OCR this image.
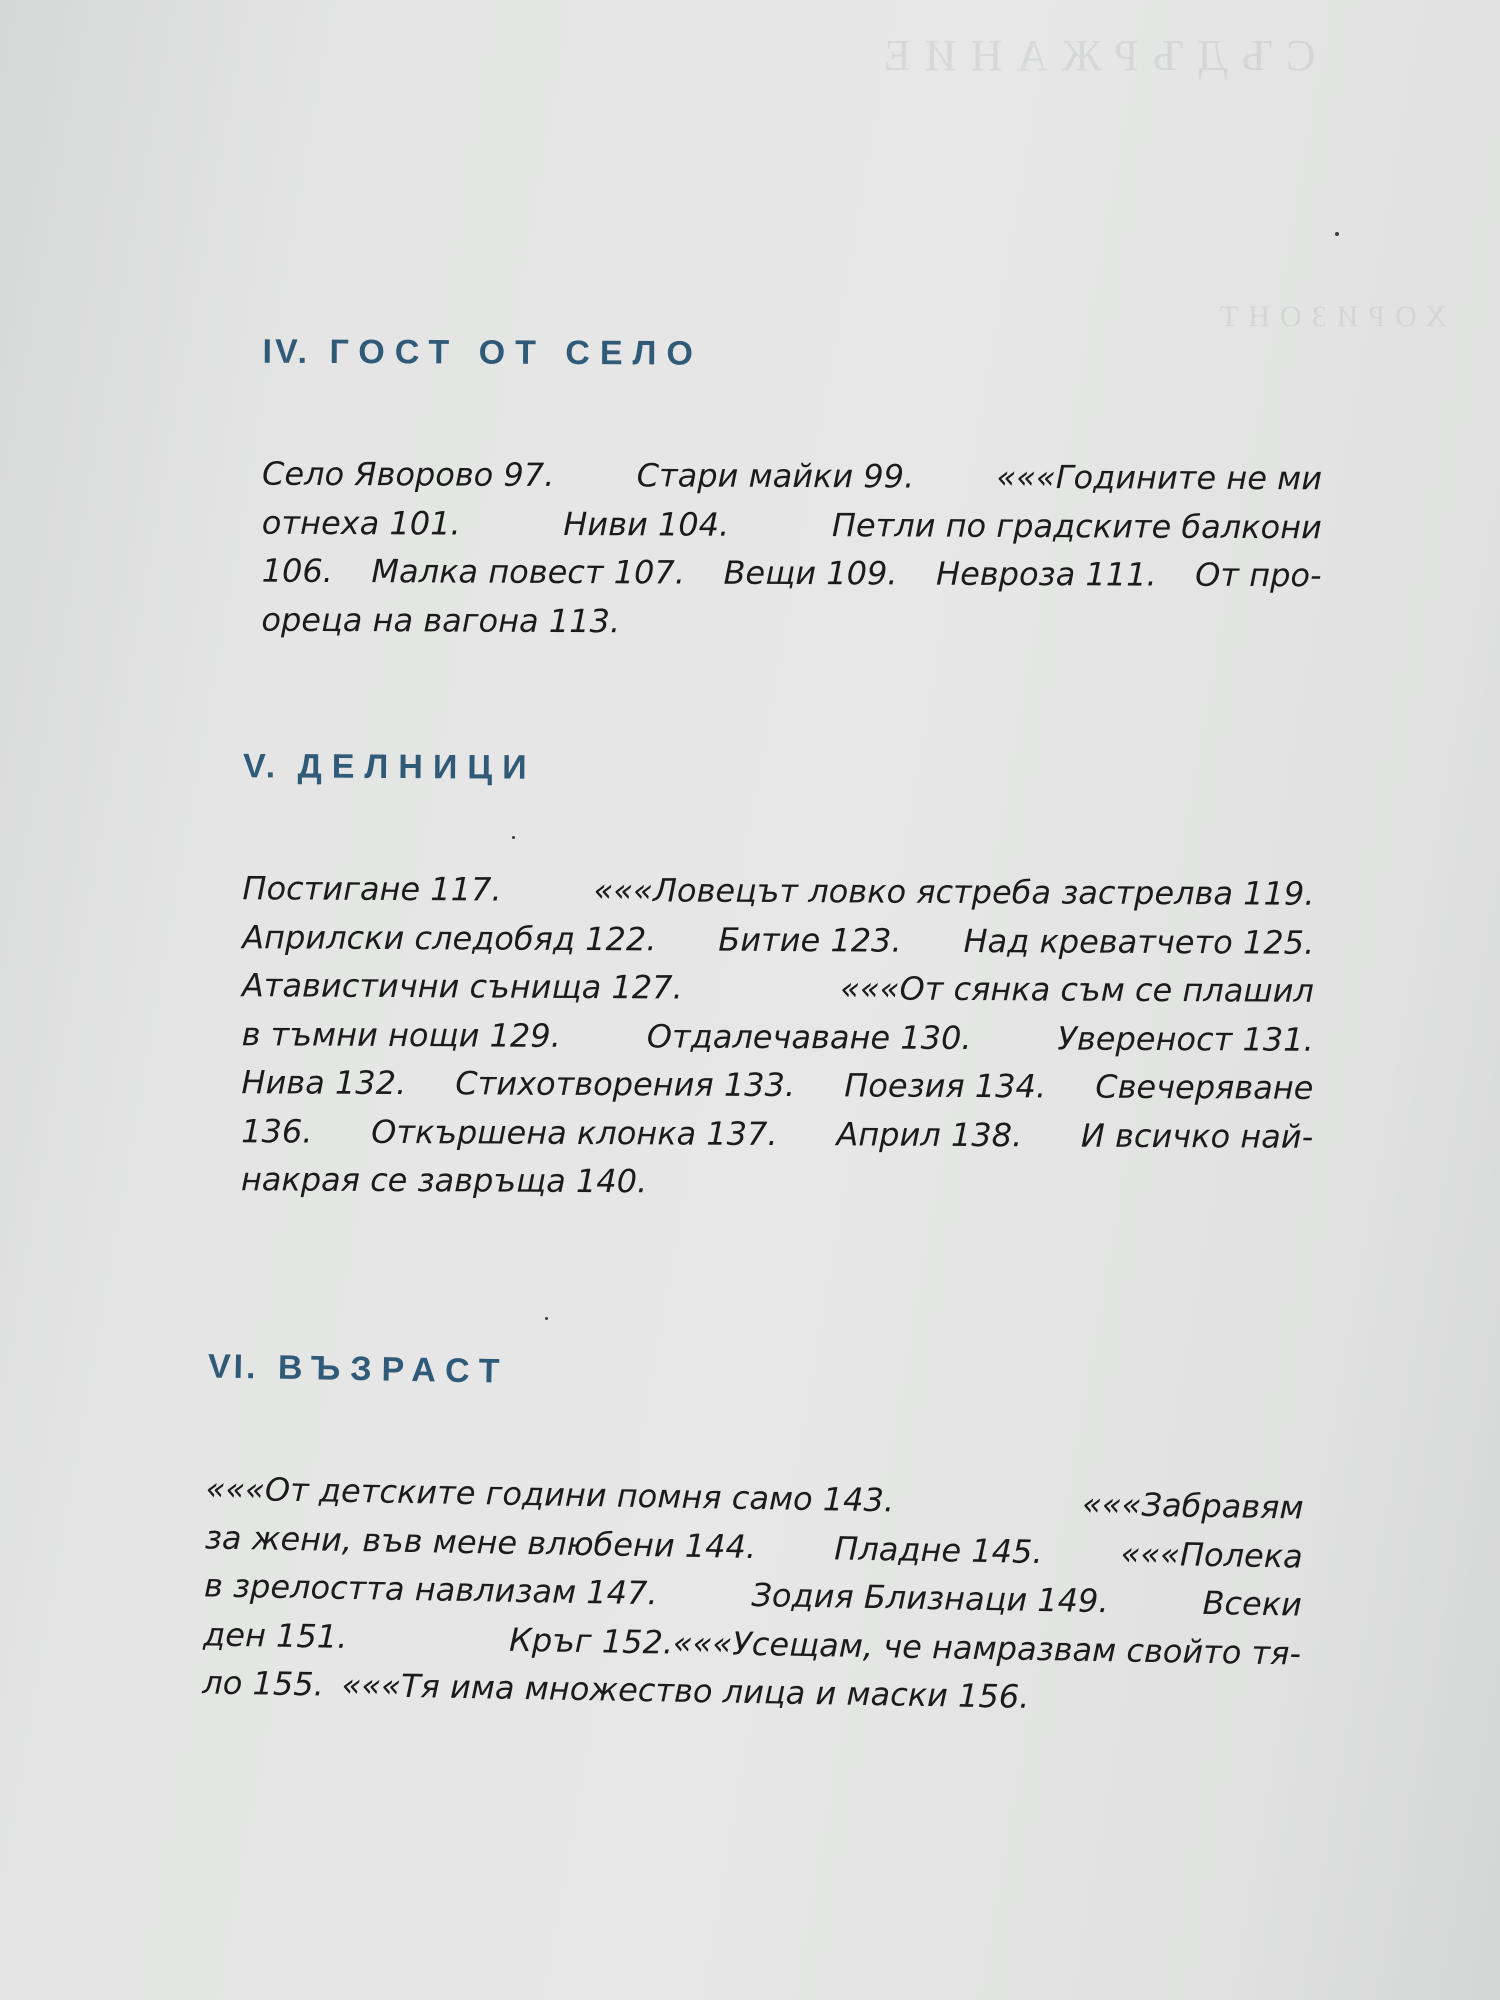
СЪДЪРЖАНИЕ
ХОРИЗОНТ
IV. ГОСТ ОТ СЕЛО
Село Яворово 97.	Стари майки 99.	«««Годините не ми
отнеха 101.	Ниви 104.	Петли по градските балкони
106. Малка повест 107. Вещи 109. Невроза 111. От про-
ореца на вагона 113.
V. ДЕЛНИЦИ
Постигане 117.	«««Ловецът ловко ястреба застрелва 119.
Априлски следобяд 122. Битие 123. Над креватчето 125.
Атавистични сънища 127.	«««От сянка съм се плашил
в тъмни нощи 129.	Отдалечаване 130.	Увереност 131.
Нива 132. Стихотворения 133. Поезия 134. Свечеряване
136. Откършена клонка 137. Април 138. И всичко най-
накрая се завръща 140.
VI. ВЪЗРАСТ
«««От детските години помня само 143.	«««Забравям
за жени, във мене влюбени 144. Пладне 145. «««Полека
в зрелостта навлизам 147.	Зодия Близнаци 149.	Всеки
ден 151.	Кръг 152.«««Усещам, че намразвам свойто тя-
ло 155. «««Тя има множество лица и маски 156.
